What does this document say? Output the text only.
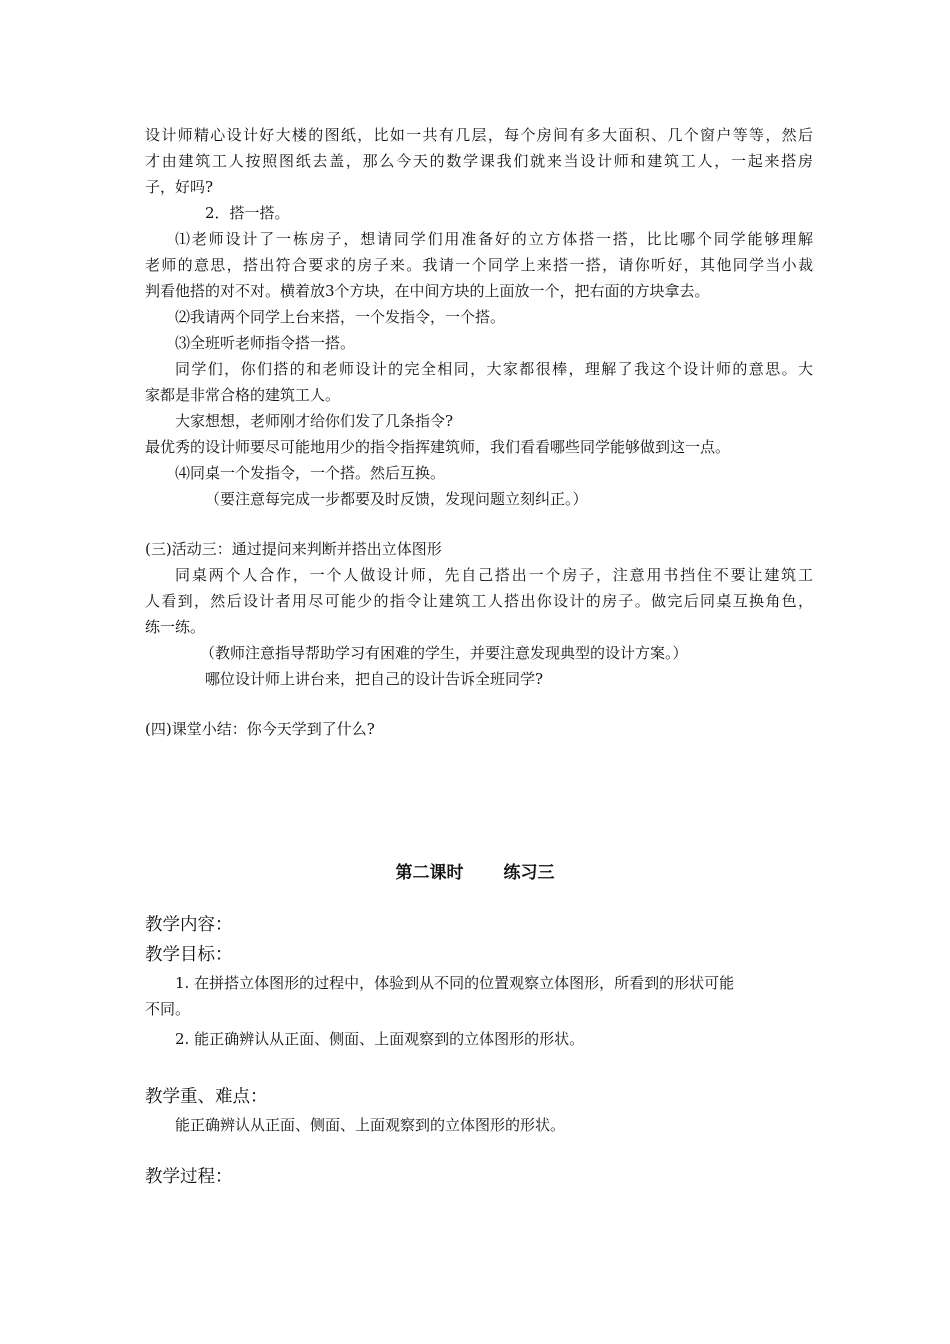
设计师精心设计好大楼的图纸，比如一共有几层，每个房间有多大面积、几个窗户等等，然后
才由建筑工人按照图纸去盖，那么今天的数学课我们就来当设计师和建筑工人，一起来搭房
子，好吗?
2．搭一搭。
⑴老师设计了一栋房子，想请同学们用准备好的立方体搭一搭，比比哪个同学能够理解
老师的意思，搭出符合要求的房子来。我请一个同学上来搭一搭，请你听好，其他同学当小裁
判看他搭的对不对。横着放3个方块，在中间方块的上面放一个，把右面的方块拿去。
⑵我请两个同学上台来搭，一个发指令，一个搭。
⑶全班听老师指令搭一搭。
同学们，你们搭的和老师设计的完全相同，大家都很棒，理解了我这个设计师的意思。大
家都是非常合格的建筑工人。
大家想想，老师刚才给你们发了几条指令?
最优秀的设计师要尽可能地用少的指令指挥建筑师，我们看看哪些同学能够做到这一点。
⑷同桌一个发指令，一个搭。然后互换。
（要注意每完成一步都要及时反馈，发现问题立刻纠正。）
(三)活动三：通过提问来判断并搭出立体图形
同桌两个人合作，一个人做设计师，先自己搭出一个房子，注意用书挡住不要让建筑工
人看到，然后设计者用尽可能少的指令让建筑工人搭出你设计的房子。做完后同桌互换角色，
练一练。
（教师注意指导帮助学习有困难的学生，并要注意发现典型的设计方案。）
哪位设计师上讲台来，把自己的设计告诉全班同学?
(四)课堂小结：你今天学到了什么?
第二课时 练习三
教学内容：
教学目标：
1. 在拼搭立体图形的过程中，体验到从不同的位置观察立体图形，所看到的形状可能
不同。
2. 能正确辨认从正面、侧面、上面观察到的立体图形的形状。
教学重、难点：
能正确辨认从正面、侧面、上面观察到的立体图形的形状。
教学过程：
